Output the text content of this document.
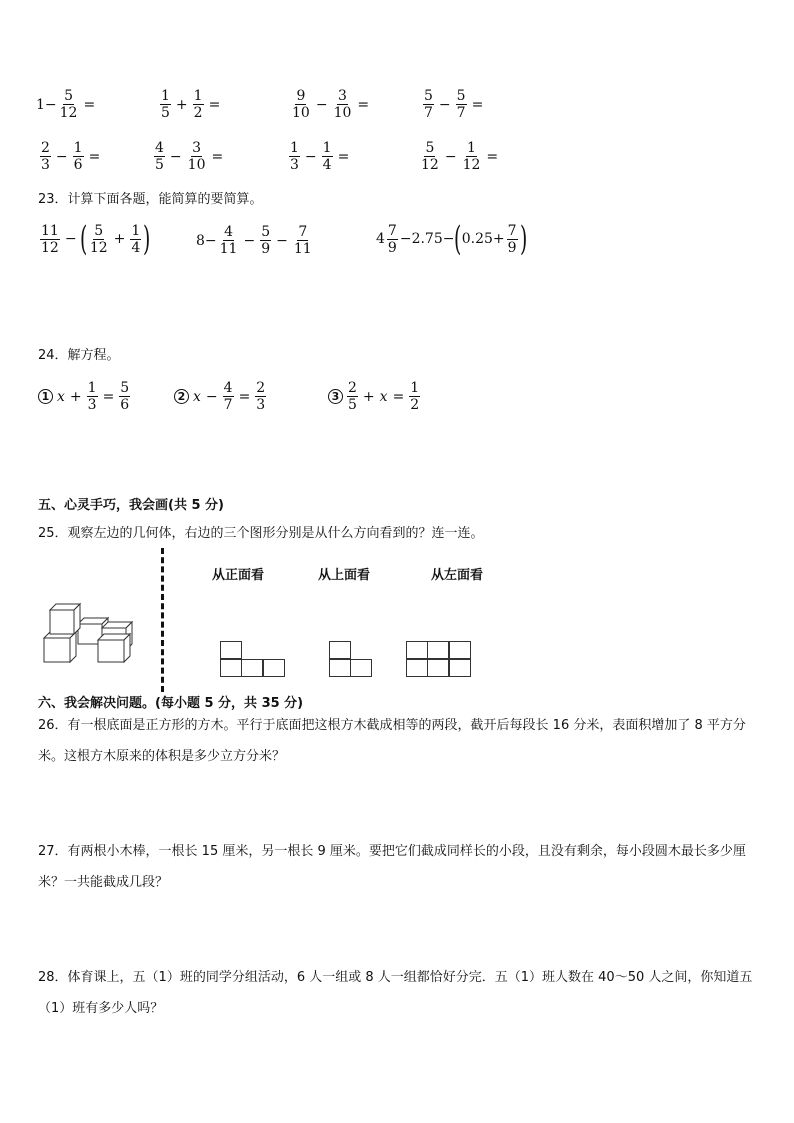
$1- \frac{5}{12}$ =	$\frac{1}{5} + \frac{1}{2}$ =	$\frac{9}{10} - \frac{3}{10}$ =	$\frac{5}{7} - \frac{5}{7}$ =
$\frac{2}{3} - \frac{1}{6}$ =	$\frac{4}{5} - \frac{3}{10}$ =	$\frac{1}{3} - \frac{1}{4}$ =	$\frac{5}{12} - \frac{1}{12}$ =
23．计算下面各题，能简算的要简算。
$\frac{11}{12}$ − ( $\frac{5}{12} + \frac{1}{4}$ )	$8- \frac{4}{11} - \frac{5}{9} - \frac{7}{11}$	$4 \frac{7}{9} -2.75-$ ( $0.25+ \frac{7}{9}$ )
24．解方程。
1 $x + \frac{1}{3} = \frac{5}{6}$	2 $x - \frac{4}{7} = \frac{2}{3}$	$3 \frac{2}{5} + x = \frac{1}{2}$
五、心灵手巧，我会画(共 5 分)
25．观察左边的几何体，右边的三个图形分别是从什么方向看到的？连一连。
从正面看	从上面看	从左面看
六、我会解决问题。(每小题 5 分，共 35 分)
26．有一根底面是正方形的方木。平行于底面把这根方木截成相等的两段，截开后每段长 16 分米，表面积增加了 8 平方分米。这根方木原来的体积是多少立方分米？
27．有两根小木棒，一根长 15 厘米，另一根长 9 厘米。要把它们截成同样长的小段，且没有剩余，每小段圆木最长多少厘米？一共能截成几段？
28．体育课上，五（1）班的同学分组活动，6 人一组或 8 人一组都恰好分完．五（1）班人数在 40～50 人之间，你知道五（1）班有多少人吗？
